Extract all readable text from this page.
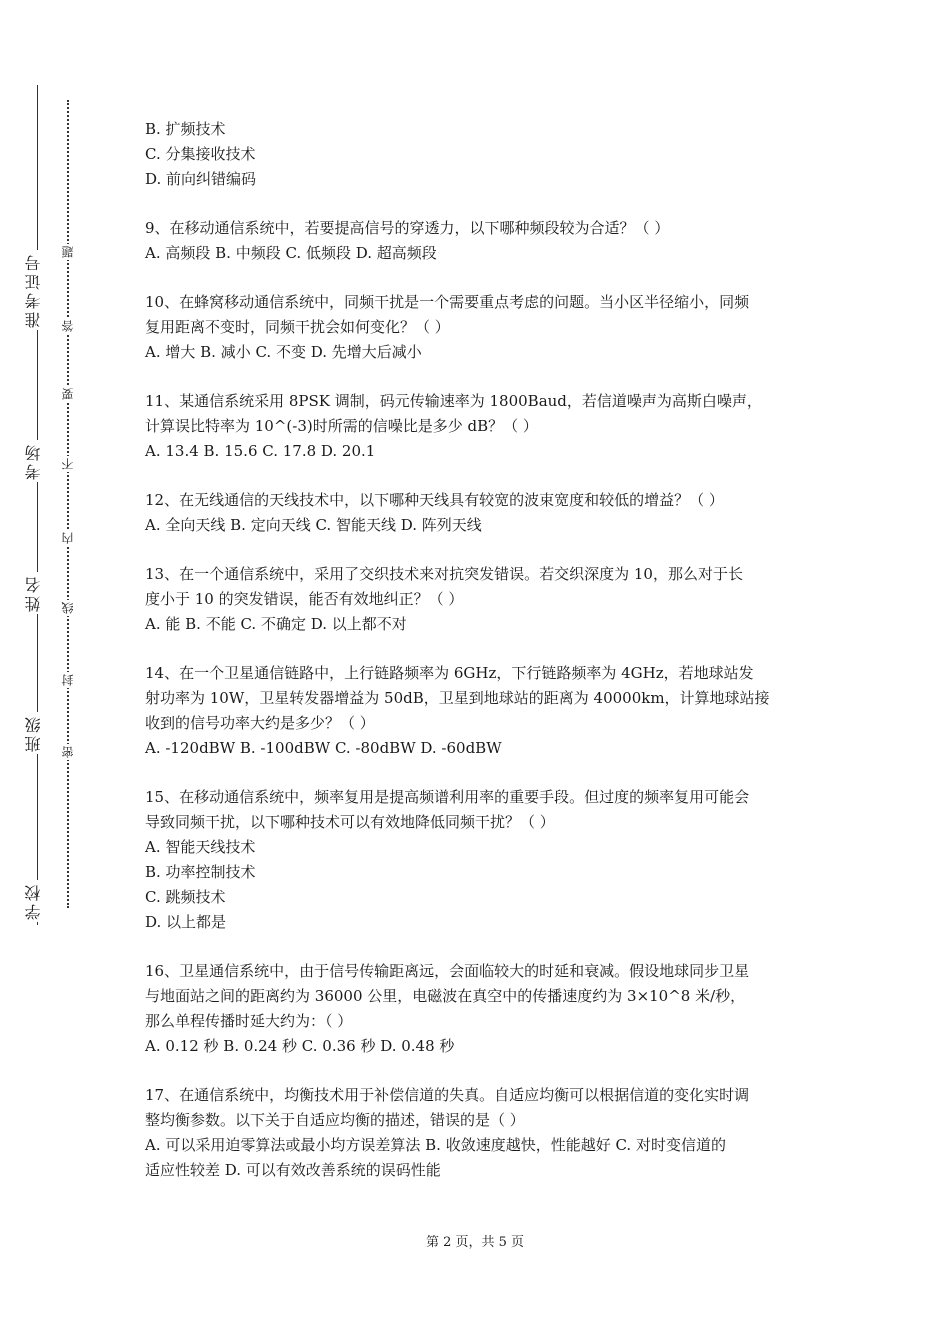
准考证号
考场
姓名
班级
学校
题
答
要
不
内
线
封
密
B. 扩频技术
C. 分集接收技术
D. 前向纠错编码
9、在移动通信系统中，若要提高信号的穿透力，以下哪种频段较为合适？（ ）
A. 高频段 B. 中频段 C. 低频段 D. 超高频段
10、在蜂窝移动通信系统中，同频干扰是一个需要重点考虑的问题。当小区半径缩小，同频
复用距离不变时，同频干扰会如何变化？（ ）
A. 增大 B. 减小 C. 不变 D. 先增大后减小
11、某通信系统采用 8PSK 调制，码元传输速率为 1800Baud，若信道噪声为高斯白噪声，
计算误比特率为 10^(-3)时所需的信噪比是多少 dB？（ ）
A. 13.4 B. 15.6 C. 17.8 D. 20.1
12、在无线通信的天线技术中，以下哪种天线具有较宽的波束宽度和较低的增益？（ ）
A. 全向天线 B. 定向天线 C. 智能天线 D. 阵列天线
13、在一个通信系统中，采用了交织技术来对抗突发错误。若交织深度为 10，那么对于长
度小于 10 的突发错误，能否有效地纠正？（ ）
A. 能 B. 不能 C. 不确定 D. 以上都不对
14、在一个卫星通信链路中，上行链路频率为 6GHz，下行链路频率为 4GHz，若地球站发
射功率为 10W，卫星转发器增益为 50dB，卫星到地球站的距离为 40000km，计算地球站接
收到的信号功率大约是多少？（ ）
A. -120dBW B. -100dBW C. -80dBW D. -60dBW
15、在移动通信系统中，频率复用是提高频谱利用率的重要手段。但过度的频率复用可能会
导致同频干扰，以下哪种技术可以有效地降低同频干扰？（ ）
A. 智能天线技术
B. 功率控制技术
C. 跳频技术
D. 以上都是
16、卫星通信系统中，由于信号传输距离远，会面临较大的时延和衰减。假设地球同步卫星
与地面站之间的距离约为 36000 公里，电磁波在真空中的传播速度约为 3×10^8 米/秒，
那么单程传播时延大约为：（ ）
A. 0.12 秒 B. 0.24 秒 C. 0.36 秒 D. 0.48 秒
17、在通信系统中，均衡技术用于补偿信道的失真。自适应均衡可以根据信道的变化实时调
整均衡参数。以下关于自适应均衡的描述，错误的是（ ）
A. 可以采用迫零算法或最小均方误差算法 B. 收敛速度越快，性能越好 C. 对时变信道的
适应性较差 D. 可以有效改善系统的误码性能
第 2 页，共 5 页
